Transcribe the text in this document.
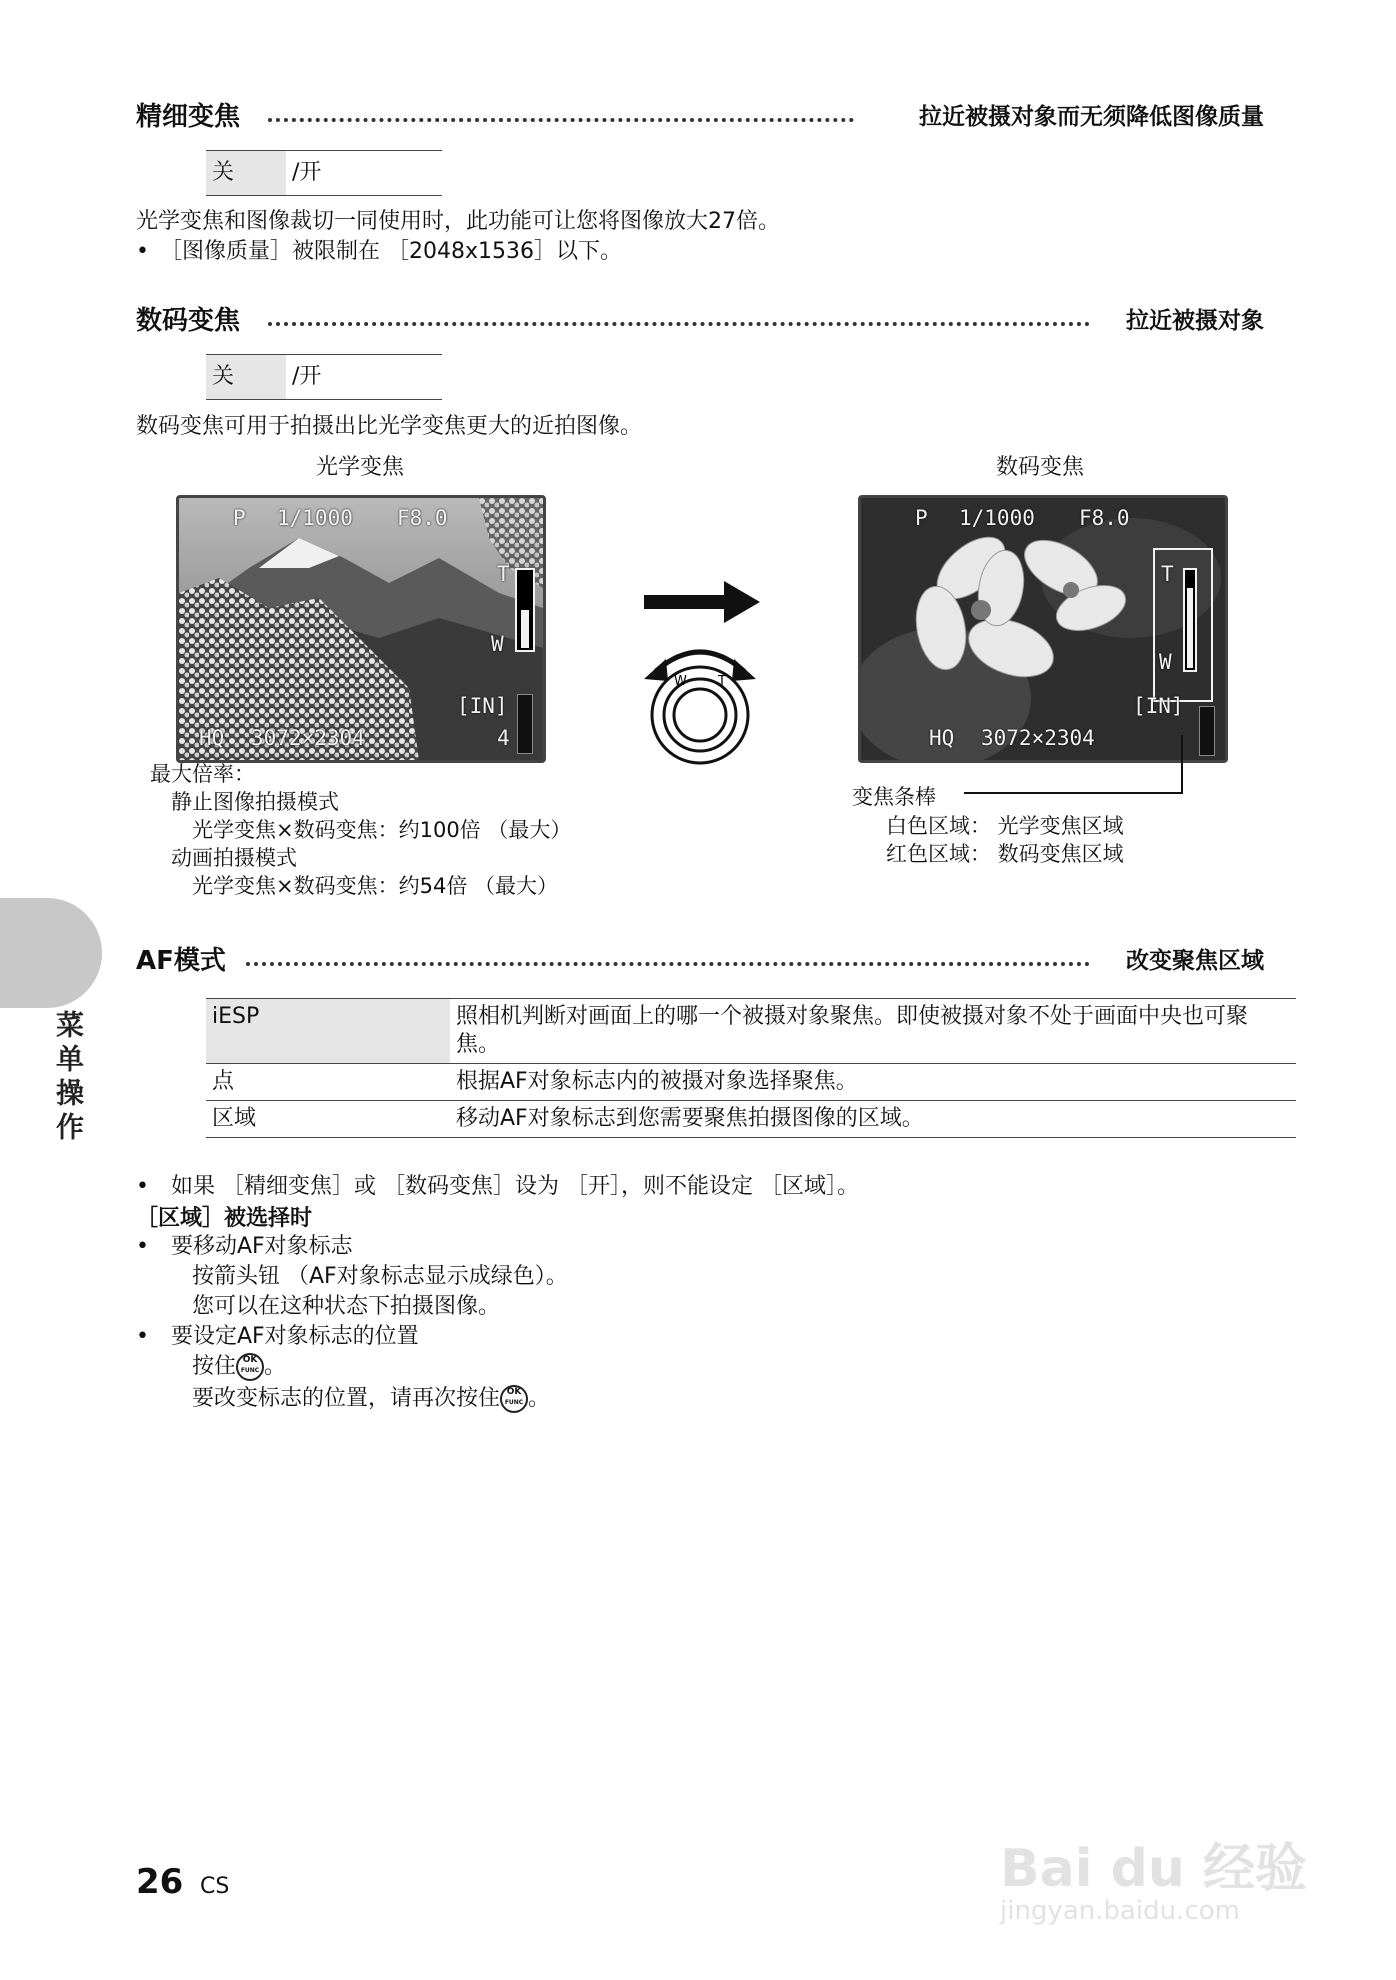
精细变焦	拉近被摄对象而无须降低图像质量
关	/开
光学变焦和图像裁切一同使用时，此功能可让您将图像放大27倍。
•　［图像质量］被限制在 ［2048x1536］以下。
数码变焦	拉近被摄对象
关	/开
数码变焦可用于拍摄出比光学变焦更大的近拍图像。
光学变焦	数码变焦
P 1/1000 F8.0
T
W
[IN]
HQ 3072×2304	4
W T
P 1/1000 F8.0
T
W
[IN]
HQ 3072×2304
最大倍率：
　静止图像拍摄模式
　　光学变焦×数码变焦：约100倍 （最大）
　动画拍摄模式
　　光学变焦×数码变焦：约54倍 （最大）
变焦条棒
白色区域： 光学变焦区域
红色区域： 数码变焦区域
菜单操作
AF模式	改变聚焦区域
iESP	照相机判断对画面上的哪一个被摄对象聚焦。即使被摄对象不处于画面中央也可聚焦。
点	根据AF对象标志内的被摄对象选择聚焦。
区域	移动AF对象标志到您需要聚焦拍摄图像的区域。
•　如果 ［精细变焦］或 ［数码变焦］设为 ［开］，则不能设定 ［区域］。
［区域］被选择时
•　要移动AF对象标志
按箭头钮 （AF对象标志显示成绿色）。
您可以在这种状态下拍摄图像。
•　要设定AF对象标志的位置
按住 OK
FUNC 。
要改变标志的位置，请再次按住 OK
FUNC 。
26 CS	Bai du 经验
jingyan.baidu.com
